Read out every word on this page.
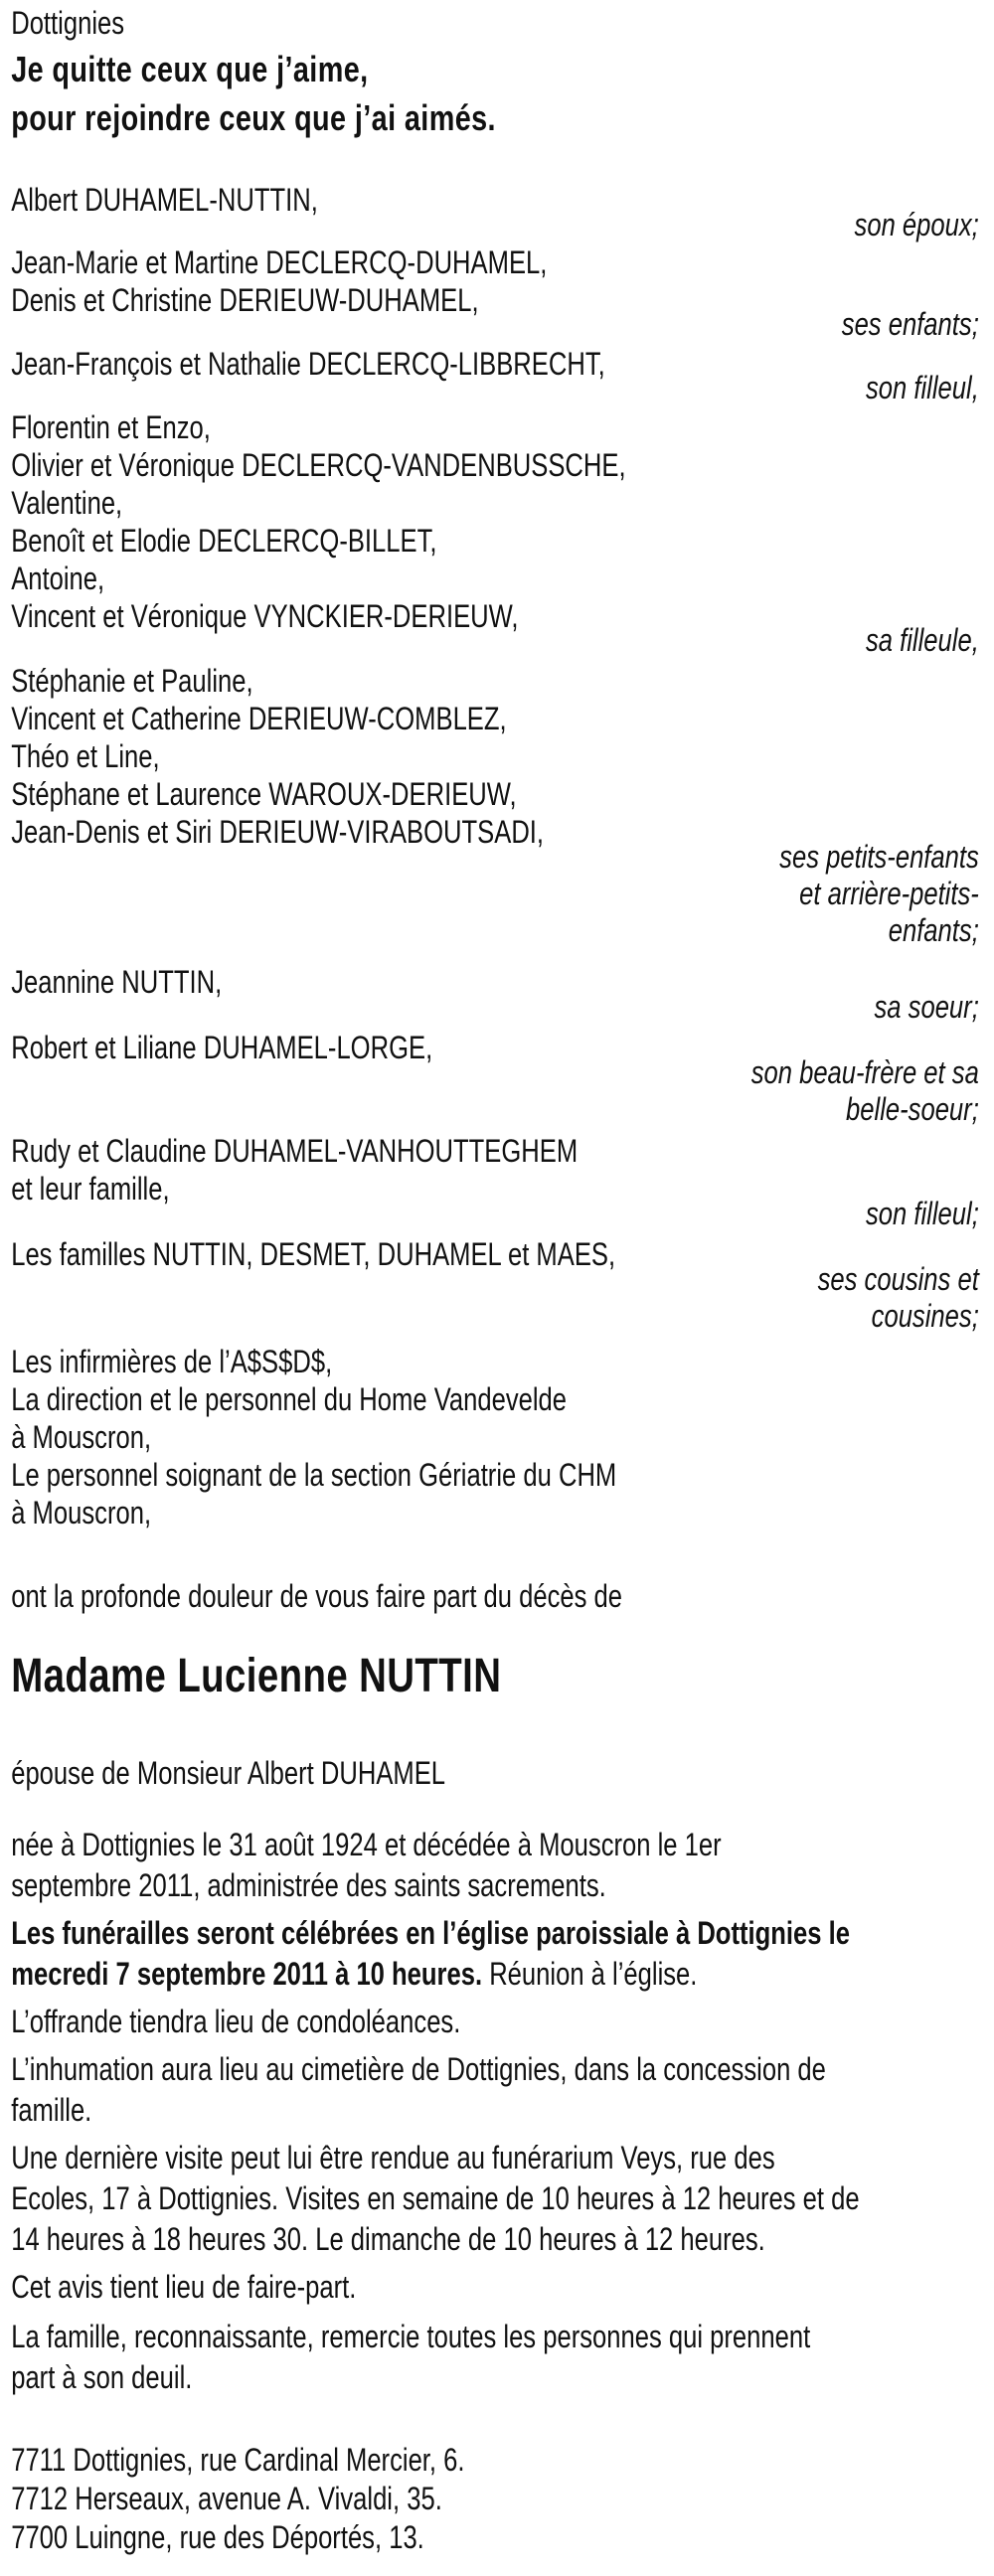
Dottignies
Je quitte ceux que j’aime,
pour rejoindre ceux que j’ai aimés.
Albert DUHAMEL-NUTTIN,
son époux;
Jean-Marie et Martine DECLERCQ-DUHAMEL,
Denis et Christine DERIEUW-DUHAMEL,
ses enfants;
Jean-François et Nathalie DECLERCQ-LIBBRECHT,
son filleul,
Florentin et Enzo,
Olivier et Véronique DECLERCQ-VANDENBUSSCHE,
Valentine,
Benoît et Elodie DECLERCQ-BILLET,
Antoine,
Vincent et Véronique VYNCKIER-DERIEUW,
sa filleule,
Stéphanie et Pauline,
Vincent et Catherine DERIEUW-COMBLEZ,
Théo et Line,
Stéphane et Laurence WAROUX-DERIEUW,
Jean-Denis et Siri DERIEUW-VIRABOUTSADI,
ses petits-enfants
et arrière-petits-
enfants;
Jeannine NUTTIN,
sa soeur;
Robert et Liliane DUHAMEL-LORGE,
son beau-frère et sa
belle-soeur;
Rudy et Claudine DUHAMEL-VANHOUTTEGHEM
et leur famille,
son filleul;
Les familles NUTTIN, DESMET, DUHAMEL et MAES,
ses cousins et
cousines;
Les infirmières de l’A$S$D$,
La direction et le personnel du Home Vandevelde
à Mouscron,
Le personnel soignant de la section Gériatrie du CHM
à Mouscron,
ont la profonde douleur de vous faire part du décès de
Madame Lucienne NUTTIN
épouse de Monsieur Albert DUHAMEL
née à Dottignies le 31 août 1924 et décédée à Mouscron le 1er
septembre 2011, administrée des saints sacrements.
Les funérailles seront célébrées en l’église paroissiale à Dottignies le
mecredi 7 septembre 2011 à 10 heures. Réunion à l’église.
L’offrande tiendra lieu de condoléances.
L’inhumation aura lieu au cimetière de Dottignies, dans la concession de
famille.
Une dernière visite peut lui être rendue au funérarium Veys, rue des
Ecoles, 17 à Dottignies. Visites en semaine de 10 heures à 12 heures et de
14 heures à 18 heures 30. Le dimanche de 10 heures à 12 heures.
Cet avis tient lieu de faire-part.
La famille, reconnaissante, remercie toutes les personnes qui prennent
part à son deuil.
7711 Dottignies, rue Cardinal Mercier, 6.
7712 Herseaux, avenue A. Vivaldi, 35.
7700 Luingne, rue des Déportés, 13.
